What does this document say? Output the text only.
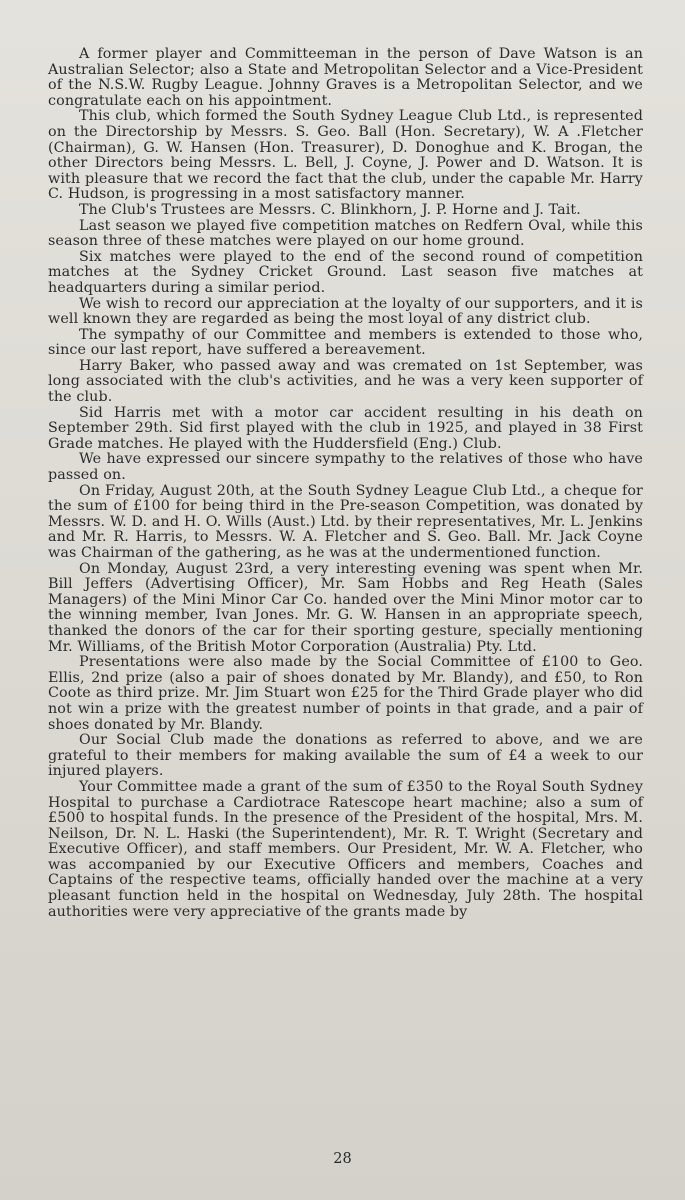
A former player and Committeeman in the person of Dave Watson is an Australian Selector; also a State and Metropolitan Selector and a Vice-President of the N.S.W. Rugby League. Johnny Graves is a Metropolitan Selector, and we congratulate each on his appointment.

This club, which formed the South Sydney League Club Ltd., is represented on the Directorship by Messrs. S. Geo. Ball (Hon. Secretary), W. A .Fletcher (Chairman), G. W. Hansen (Hon. Treasurer), D. Donoghue and K. Brogan, the other Directors being Messrs. L. Bell, J. Coyne, J. Power and D. Watson. It is with pleasure that we record the fact that the club, under the capable Mr. Harry C. Hudson, is progressing in a most satisfactory manner.

The Club's Trustees are Messrs. C. Blinkhorn, J. P. Horne and J. Tait.

Last season we played five competition matches on Redfern Oval, while this season three of these matches were played on our home ground.

Six matches were played to the end of the second round of competition matches at the Sydney Cricket Ground. Last season five matches at headquarters during a similar period.

We wish to record our appreciation at the loyalty of our supporters, and it is well known they are regarded as being the most loyal of any district club.

The sympathy of our Committee and members is extended to those who, since our last report, have suffered a bereavement.

Harry Baker, who passed away and was cremated on 1st September, was long associated with the club's activities, and he was a very keen supporter of the club.

Sid Harris met with a motor car accident resulting in his death on September 29th. Sid first played with the club in 1925, and played in 38 First Grade matches. He played with the Huddersfield (Eng.) Club.

We have expressed our sincere sympathy to the relatives of those who have passed on.

On Friday, August 20th, at the South Sydney League Club Ltd., a cheque for the sum of £100 for being third in the Pre-season Competition, was donated by Messrs. W. D. and H. O. Wills (Aust.) Ltd. by their representatives, Mr. L. Jenkins and Mr. R. Harris, to Messrs. W. A. Fletcher and S. Geo. Ball. Mr. Jack Coyne was Chairman of the gathering, as he was at the undermentioned function.

On Monday, August 23rd, a very interesting evening was spent when Mr. Bill Jeffers (Advertising Officer), Mr. Sam Hobbs and Reg Heath (Sales Managers) of the Mini Minor Car Co. handed over the Mini Minor motor car to the winning member, Ivan Jones. Mr. G. W. Hansen in an appropriate speech, thanked the donors of the car for their sporting gesture, specially mentioning Mr. Williams, of the British Motor Corporation (Australia) Pty. Ltd.

Presentations were also made by the Social Committee of £100 to Geo. Ellis, 2nd prize (also a pair of shoes donated by Mr. Blandy), and £50, to Ron Coote as third prize. Mr. Jim Stuart won £25 for the Third Grade player who did not win a prize with the greatest number of points in that grade, and a pair of shoes donated by Mr. Blandy.

Our Social Club made the donations as referred to above, and we are grateful to their members for making available the sum of £4 a week to our injured players.

Your Committee made a grant of the sum of £350 to the Royal South Sydney Hospital to purchase a Cardiotrace Ratescope heart machine; also a sum of £500 to hospital funds. In the presence of the President of the hospital, Mrs. M. Neilson, Dr. N. L. Haski (the Superintendent), Mr. R. T. Wright (Secretary and Executive Officer), and staff members. Our President, Mr. W. A. Fletcher, who was accompanied by our Executive Officers and members, Coaches and Captains of the respective teams, officially handed over the machine at a very pleasant function held in the hospital on Wednesday, July 28th. The hospital authorities were very appreciative of the grants made by

28
